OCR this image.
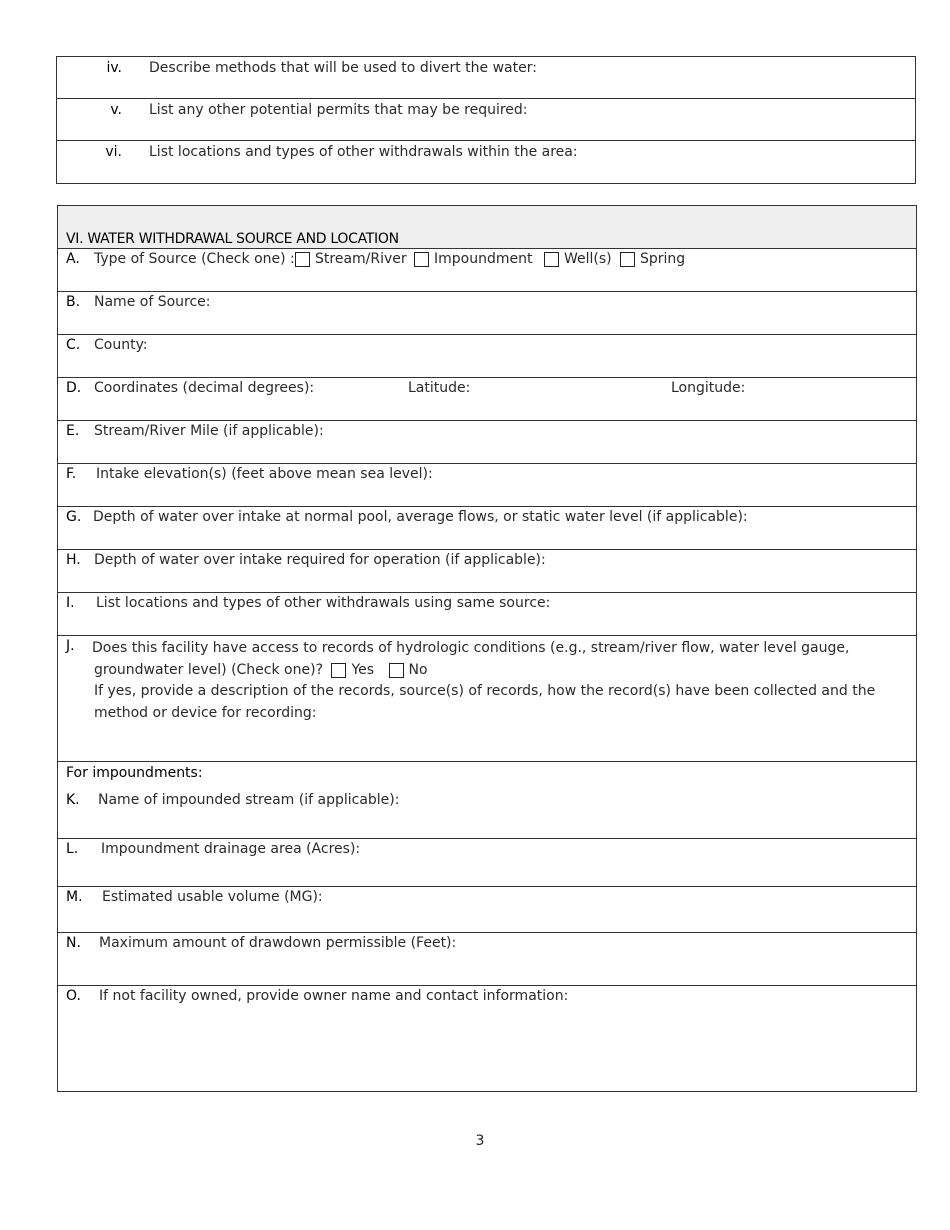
iv. Describe methods that will be used to divert the water:
v. List any other potential permits that may be required:
vi. List locations and types of other withdrawals within the area:
VI. WATER WITHDRAWAL SOURCE AND LOCATION
A. Type of Source (Check one) :	Stream/River	Impoundment	Well(s)	Spring
B. Name of Source:
C. County:
D. Coordinates (decimal degrees):	Latitude:	Longitude:
E. Stream/River Mile (if applicable):
F. Intake elevation(s) (feet above mean sea level):
G. Depth of water over intake at normal pool, average flows, or static water level (if applicable):
H. Depth of water over intake required for operation (if applicable):
I. List locations and types of other withdrawals using same source:
J. Does this facility have access to records of hydrologic conditions (e.g., stream/river flow, water level gauge,
groundwater level) (Check one)? Yes No
If yes, provide a description of the records, source(s) of records, how the record(s) have been collected and the
method or device for recording:
For impoundments:
K. Name of impounded stream (if applicable):
L. Impoundment drainage area (Acres):
M. Estimated usable volume (MG):
N. Maximum amount of drawdown permissible (Feet):
O. If not facility owned, provide owner name and contact information:
3
